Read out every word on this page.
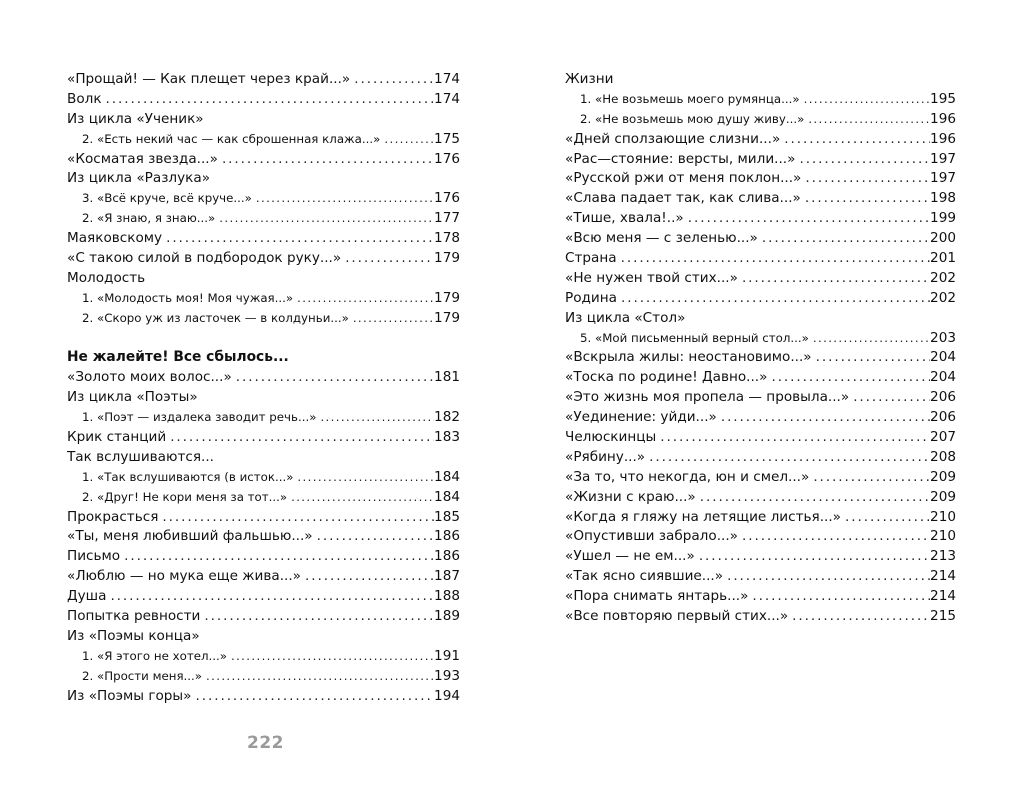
«Прощай! — Как плещет через край...» . . .	174
Волк . . .	174
Из цикла «Ученик»
2. «Есть некий час — как сброшенная клажа...» . . .	175
«Косматая звезда...» . . .	176
Из цикла «Разлука»
3. «Всё круче, всё круче...» . . .	176
2. «Я знаю, я знаю...» . . .	177
Маяковскому . . .	178
«С такою силой в подбородок руку...» . . .	179
Молодость
1. «Молодость моя! Моя чужая...» . . .	179
2. «Скоро уж из ласточек — в колдуньи...» . . .	179
Не жалейте! Все сбылось...
«Золото моих волос...» . . .	181
Из цикла «Поэты»
1. «Поэт — издалека заводит речь...» . . .	182
Крик станций . . .	183
Так вслушиваются...
1. «Так вслушиваются (в исток...» . . .	184
2. «Друг! Не кори меня за тот...» . . .	184
Прокрасться . . .	185
«Ты, меня любивший фальшью...» . . .	186
Письмо . . .	186
«Люблю — но мука еще жива...» . . .	187
Душа . . .	188
Попытка ревности . . .	189
Из «Поэмы конца»
1. «Я этого не хотел...» . . .	191
2. «Прости меня...» . . .	193
Из «Поэмы горы» . . .	194
Жизни
1. «Не возьмешь моего румянца...» . . .	195
2. «Не возьмешь мою душу живу...» . . .	196
«Дней сползающие слизни...» . . .	196
«Рас—стояние: версты, мили...» . . .	197
«Русской ржи от меня поклон...» . . .	197
«Слава падает так, как слива...» . . .	198
«Тише, хвала!..» . . .	199
«Всю меня — с зеленью...» . . .	200
Страна . . .	201
«Не нужен твой стих...» . . .	202
Родина . . .	202
Из цикла «Стол»
5. «Мой письменный верный стол...» . . .	203
«Вскрыла жилы: неостановимо...» . . .	204
«Тоска по родине! Давно...» . . .	204
«Это жизнь моя пропела — провыла...» . . .	206
«Уединение: уйди...» . . .	206
Челюскинцы . . .	207
«Рябину...» . . .	208
«За то, что некогда, юн и смел...» . . .	209
«Жизни с краю...» . . .	209
«Когда я гляжу на летящие листья...» . . .	210
«Опустивши забрало...» . . .	210
«Ушел — не ем...» . . .	213
«Так ясно сиявшие...» . . .	214
«Пора снимать янтарь...» . . .	214
«Все повторяю первый стих...» . . .	215
222
